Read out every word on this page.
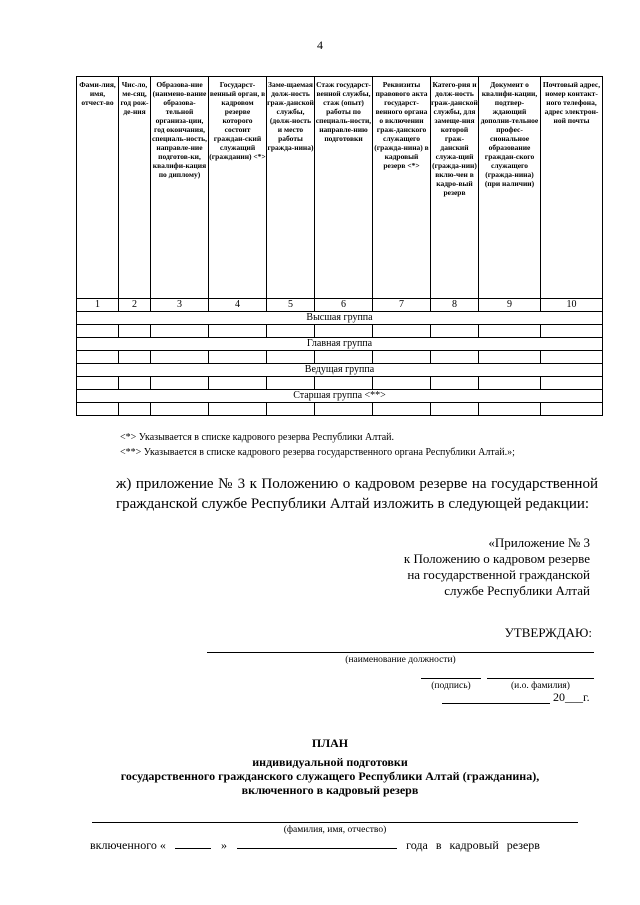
4
Фами-лия, имя, отчест-во	Чис-ло, ме-сяц, год рож-де-ния	Образова-ние (наимено-вание образова-тельной организа-ции, год окончания, специаль-ность, направле-ние подготов-ки, квалифи-кация по диплому)	Государст-венный орган, в кадровом резерве которого состоит граждан-ский служащий (гражданин) <*>	Заме-щаемая долж-ность граж-данской службы, (долж-ность и место работы гражда-нина)	Стаж государст-венной службы, стаж (опыт) работы по специаль-ности, направле-нию подготовки	Реквизиты правового акта государст-венного органа о включении граж-данского служащего (гражда-нина) в кадровый резерв <*>	Катего-рия и долж-ность граж-данской службы, для замеще-ния которой граж-данский служа-щий (гражда-нин) вклю-чен в кадро-вый резерв	Документ о квалифи-кации, подтвер-ждающий дополни-тельное профес-сиональное образование граждан-ского служащего (гражда-нина) (при наличии)	Почтовый адрес, номер контакт-ного телефона, адрес электрон-ной почты
1	2	3	4	5	6	7	8	9	10
Высшая группа									

Главная группа									

Ведущая группа									

Старшая группа <**>									

<*> Указывается в списке кадрового резерва Республики Алтай.
<**> Указывается в списке кадрового резерва государственного органа Республики Алтай.»;
ж) приложение № 3 к Положению о кадровом резерве на государственной гражданской службе Республики Алтай изложить в следующей редакции:
«Приложение № 3
к Положению о кадровом резерве
на государственной гражданской
службе Республики Алтай
УТВЕРЖДАЮ:
(наименование должности)
(подпись)	(и.о. фамилия)
20___г.
ПЛАН
индивидуальной подготовки
государственного гражданского служащего Республики Алтай (гражданина),
включенного в кадровый резерв
(фамилия, имя, отчество)
включенного «	»	года в кадровый резерв
